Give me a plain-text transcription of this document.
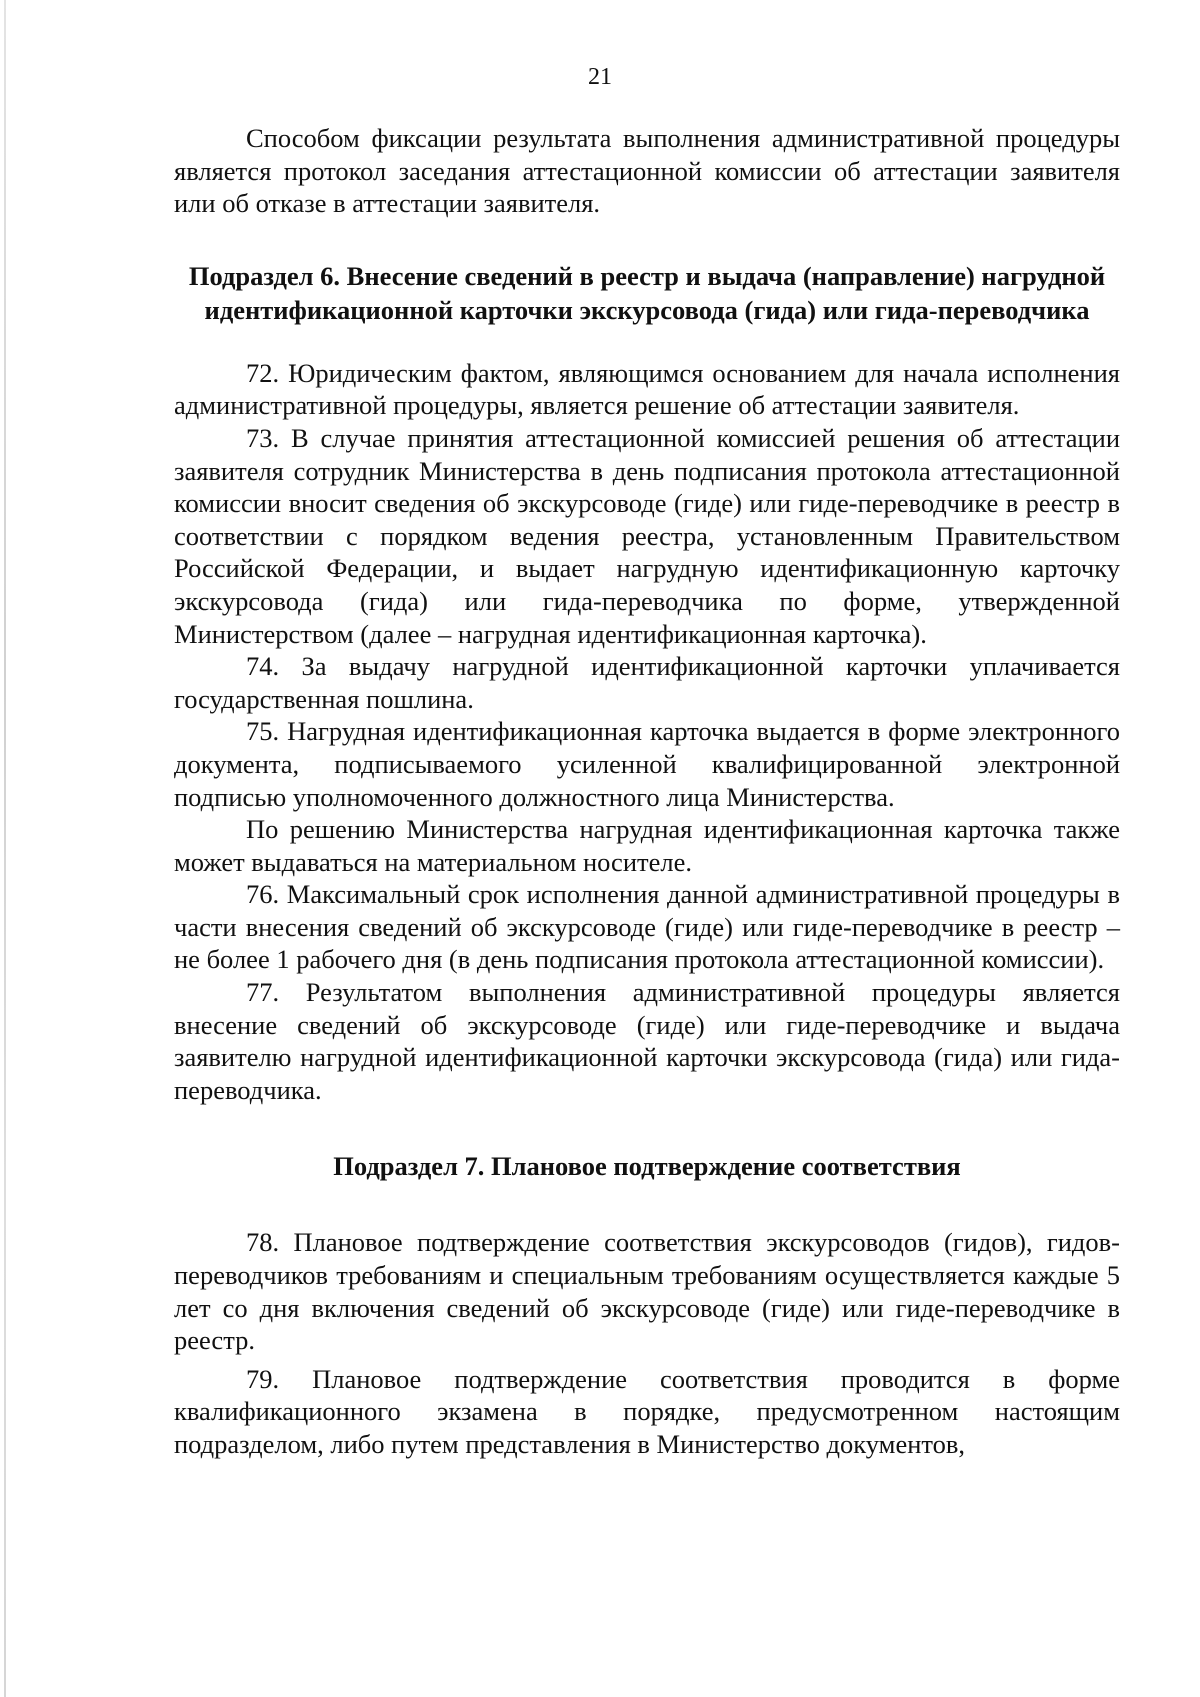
21

Способом фиксации результата выполнения административной процедуры является протокол заседания аттестационной комиссии об аттестации заявителя или об отказе в аттестации заявителя.

Подраздел 6. Внесение сведений в реестр и выдача (направление) нагрудной идентификационной карточки экскурсовода (гида) или гида-переводчика

72. Юридическим фактом, являющимся основанием для начала исполнения административной процедуры, является решение об аттестации заявителя.

73. В случае принятия аттестационной комиссией решения об аттестации заявителя сотрудник Министерства в день подписания протокола аттестационной комиссии вносит сведения об экскурсоводе (гиде) или гиде-переводчике в реестр в соответствии с порядком ведения реестра, установленным Правительством Российской Федерации, и выдает нагрудную идентификационную карточку экскурсовода (гида) или гида-переводчика по форме, утвержденной Министерством (далее – нагрудная идентификационная карточка).

74. За выдачу нагрудной идентификационной карточки уплачивается государственная пошлина.

75. Нагрудная идентификационная карточка выдается в форме электронного документа, подписываемого усиленной квалифицированной электронной подписью уполномоченного должностного лица Министерства.

По решению Министерства нагрудная идентификационная карточка также может выдаваться на материальном носителе.

76. Максимальный срок исполнения данной административной процедуры в части внесения сведений об экскурсоводе (гиде) или гиде-переводчике в реестр – не более 1 рабочего дня (в день подписания протокола аттестационной комиссии).

77. Результатом выполнения административной процедуры является внесение сведений об экскурсоводе (гиде) или гиде-переводчике и выдача заявителю нагрудной идентификационной карточки экскурсовода (гида) или гида-переводчика.

Подраздел 7. Плановое подтверждение соответствия

78. Плановое подтверждение соответствия экскурсоводов (гидов), гидов-переводчиков требованиям и специальным требованиям осуществляется каждые 5 лет со дня включения сведений об экскурсоводе (гиде) или гиде-переводчике в реестр.

79. Плановое подтверждение соответствия проводится в форме квалификационного экзамена в порядке, предусмотренном настоящим подразделом, либо путем представления в Министерство документов,
